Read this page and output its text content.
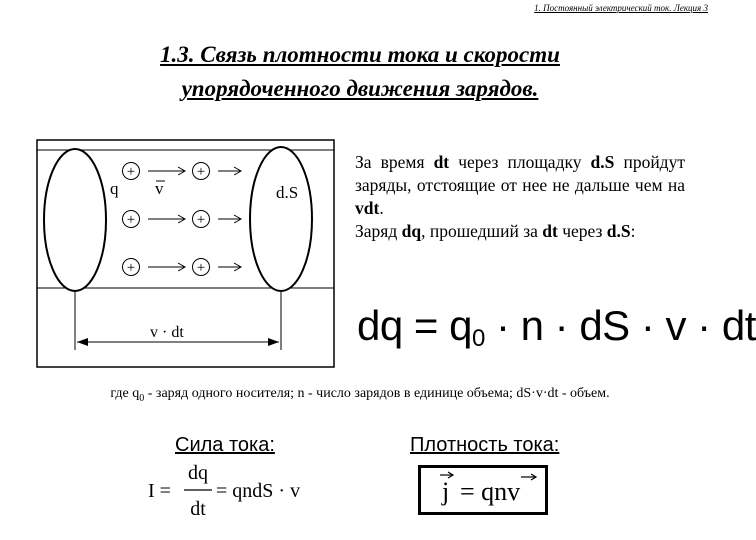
1. Постоянный электрический ток. Лекция 3
1.3. Связь плотности тока и скорости
упорядоченного движения зарядов.
+	+
+	+
+	+
q v	d.S
v · dt
За время dt через площадку d.S пройдут заряды, отстоящие от нее не дальше чем на vdt.
Заряд dq, прошедший за dt через d.S:
dq = $q_0 \cdot n$ · dS · v · dt
где $q_0$ - заряд одного носителя; n - число зарядов в единице объема; dS·v·dt - объем.
Сила тока:	Плотность тока:
I =
dq
dt
= qndS · v	j = qnv
